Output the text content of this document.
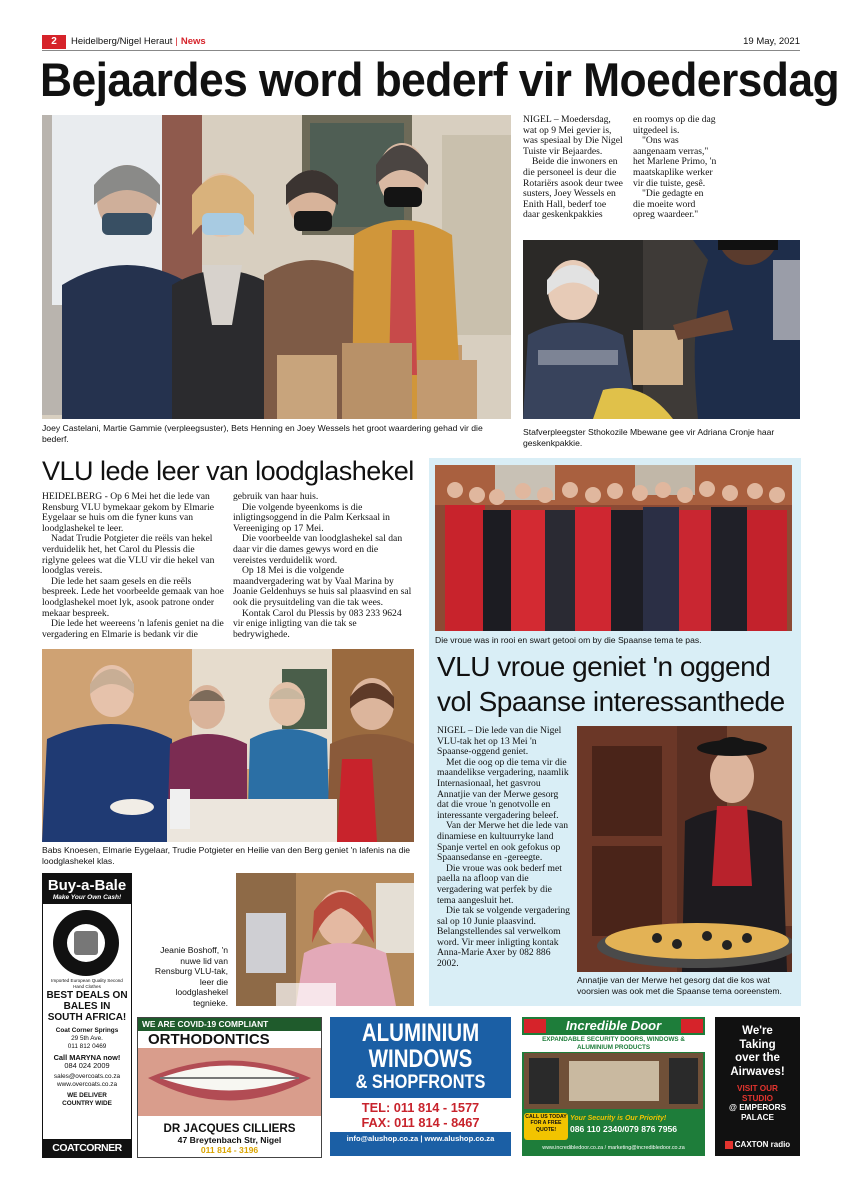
2	Heidelberg/Nigel Heraut | News	19 May, 2021
Bejaardes word bederf vir Moedersdag
Joey Castelani, Martie Gammie (verpleegsuster), Bets Henning en Joey Wessels het groot waardering gehad vir die bederf.

NIGEL – Moedersdag, wat op 9 Mei gevier is, was spesiaal by Die Nigel Tuiste vir Bejaardes.

Beide die inwoners en die personeel is deur die Rotariërs asook deur twee susters, Joey Wessels en Enith Hall, bederf toe daar geskenkpakkies

en roomys op die dag uitgedeel is.

"Ons was aangenaam verras," het Marlene Primo, 'n maatskaplike werker vir die tuiste, gesê.

"Die gedagte en die moeite word opreg waardeer."

Stafverpleegster Sthokozile Mbewane gee vir Adriana Cronje haar geskenkpakkie.
VLU lede leer van loodglashekel

HEIDELBERG - Op 6 Mei het die lede van Rensburg VLU bymekaar gekom by Elmarie Eygelaar se huis om die fyner kuns van loodglashekel te leer.

Nadat Trudie Potgieter die reëls van hekel verduidelik het, het Carol du Plessis die riglyne gelees wat die VLU vir die hekel van loodglas vereis.

Die lede het saam gesels en die reëls bespreek. Lede het voorbeelde gemaak van hoe loodglashekel moet lyk, asook patrone onder mekaar bespreek.

Die lede het weereens 'n lafenis geniet na die vergadering en Elmarie is bedank vir die

gebruik van haar huis.

Die volgende byeenkoms is die inligtingsoggend in die Palm Kerksaal in Vereeniging op 17 Mei.

Die voorbeelde van loodglashekel sal dan daar vir die dames gewys word en die vereistes verduidelik word.

Op 18 Mei is die volgende maandvergadering wat by Vaal Marina by Joanie Geldenhuys se huis sal plaasvind en sal ook die prysuitdeling van die tak wees.

Kontak Carol du Plessis by 083 233 9624 vir enige inligting van die tak se bedrywighede.

Babs Knoesen, Elmarie Eygelaar, Trudie Potgieter en Heilie van den Berg geniet 'n lafenis na die loodglashekel klas.
Jeanie Boshoff, 'n nuwe lid van Rensburg VLU-tak, leer die loodglashekel tegnieke.
Die vroue was in rooi en swart getooi om by die Spaanse tema te pas.
VLU vroue geniet 'n oggend
vol Spaanse interessanthede

NIGEL – Die lede van die Nigel VLU-tak het op 13 Mei 'n Spaanse-oggend geniet.

Met die oog op die tema vir die maandelikse vergadering, naamlik Internasionaal, het gasvrou Annatjie van der Merwe gesorg dat die vroue 'n genotvolle en interessante vergadering beleef.

Van der Merwe het die lede van dinamiese en kultuurryke land Spanje vertel en ook gefokus op Spaansedanse en -gereegte.

Die vroue was ook bederf met paella na afloop van die vergadering wat perfek by die tema aangesluit het.

Die tak se volgende vergadering sal op 10 Junie plaasvind. Belangstellendes sal verwelkom word. Vir meer inligting kontak Anna-Marie Axer by 082 886 2002.

Annatjie van der Merwe het gesorg dat die kos wat voorsien was ook met die Spaanse tema ooreenstem.
Buy-a-Bale
Make Your Own Cash!
Imported European Quality Second Hand Clothes
BEST DEALS ON BALES IN SOUTH AFRICA!
Coat Corner Springs
29 5th Ave.
011 812 0469
Call MARYNA now!
084 024 2009
sales@overcoats.co.za
www.overcoats.co.za
WE DELIVER COUNTRY WIDE
COATCORNER
WE ARE COVID-19 COMPLIANT
ORTHODONTICS
DR JACQUES CILLIERS
47 Breytenbach Str, Nigel
011 814 - 3196
ALUMINIUM
WINDOWS
& SHOPFRONTS
TEL: 011 814 - 1577
FAX: 011 814 - 8467
info@alushop.co.za | www.alushop.co.za
Incredible Door
EXPANDABLE SECURITY DOORS, WINDOWS & ALUMINIUM PRODUCTS
CALL US TODAY FOR A FREE QUOTE!
Your Security is Our Priority!
086 110 2340/079 876 7956
www.incredibledoor.co.za / marketing@incredibledoor.co.za
We're
Taking
over the
Airwaves!
VISIT OUR STUDIO
@ EMPERORS PALACE
CAXTON radio
